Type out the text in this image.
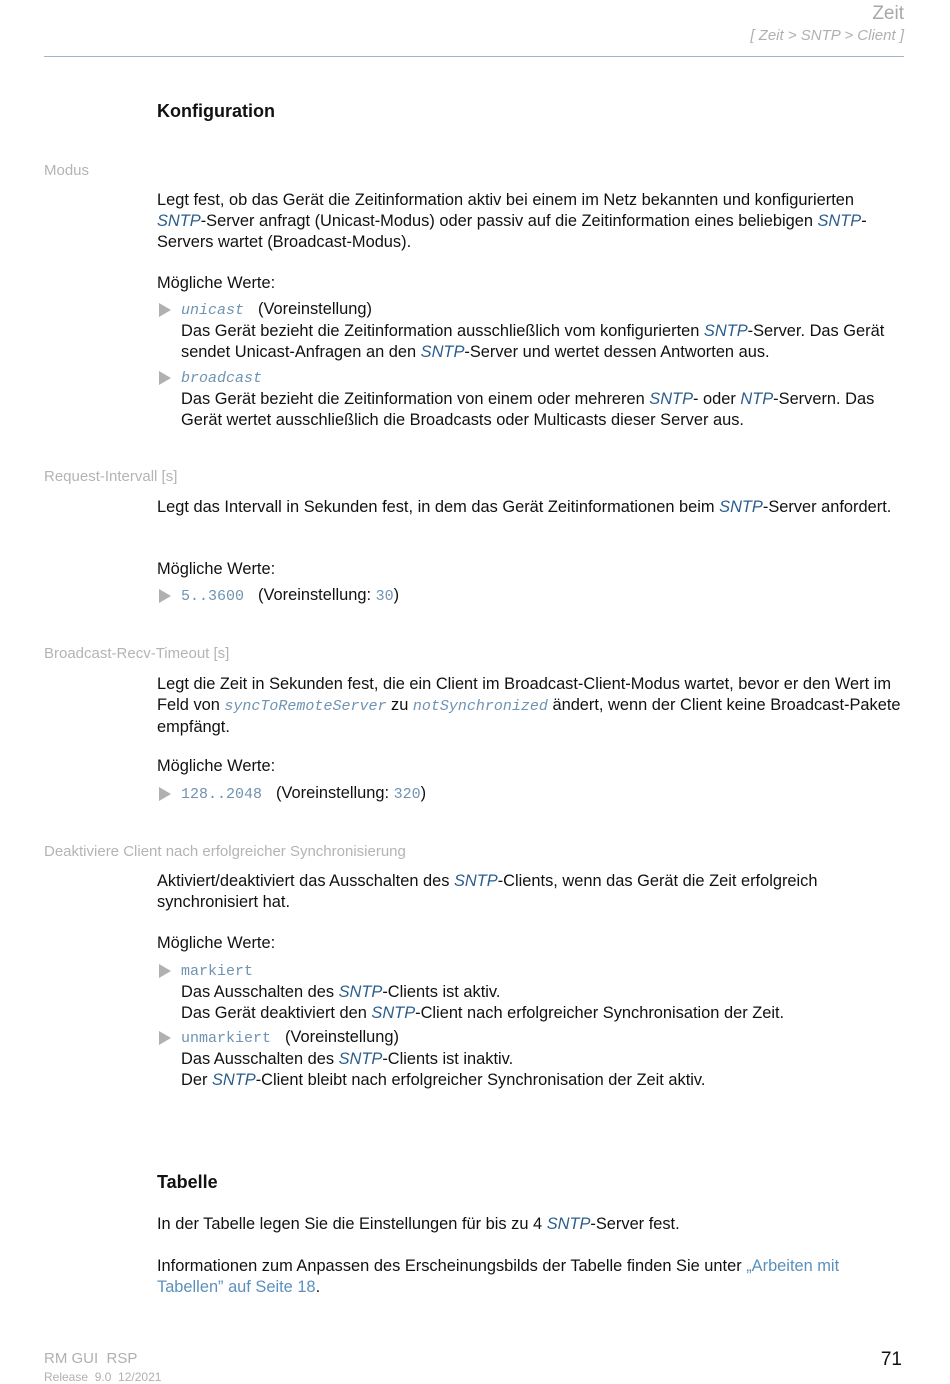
Zeit
[ Zeit > SNTP > Client ]
Konfiguration
Modus

Legt fest, ob das Gerät die Zeitinformation aktiv bei einem im Netz bekannten und konfigurierten SNTP-Server anfragt (Unicast-Modus) oder passiv auf die Zeitinformation eines beliebigen SNTP-Servers wartet (Broadcast-Modus).

Mögliche Werte:
unicast (Voreinstellung)
Das Gerät bezieht die Zeitinformation ausschließlich vom konfigurierten SNTP-Server. Das Gerät sendet Unicast-Anfragen an den SNTP-Server und wertet dessen Antworten aus.
broadcast
Das Gerät bezieht die Zeitinformation von einem oder mehreren SNTP- oder NTP-Servern. Das Gerät wertet ausschließlich die Broadcasts oder Multicasts dieser Server aus.
Request-Intervall [s]

Legt das Intervall in Sekunden fest, in dem das Gerät Zeitinformationen beim SNTP-Server anfordert.

Mögliche Werte:
5..3600 (Voreinstellung: 30)
Broadcast-Recv-Timeout [s]

Legt die Zeit in Sekunden fest, die ein Client im Broadcast-Client-Modus wartet, bevor er den Wert im Feld von syncToRemoteServer zu notSynchronized ändert, wenn der Client keine Broadcast-Pakete empfängt.

Mögliche Werte:
128..2048 (Voreinstellung: 320)
Deaktiviere Client nach erfolgreicher Synchronisierung

Aktiviert/deaktiviert das Ausschalten des SNTP-Clients, wenn das Gerät die Zeit erfolgreich synchronisiert hat.

Mögliche Werte:
markiert
Das Ausschalten des SNTP-Clients ist aktiv.
Das Gerät deaktiviert den SNTP-Client nach erfolgreicher Synchronisation der Zeit.
unmarkiert (Voreinstellung)
Das Ausschalten des SNTP-Clients ist inaktiv.
Der SNTP-Client bleibt nach erfolgreicher Synchronisation der Zeit aktiv.
Tabelle

In der Tabelle legen Sie die Einstellungen für bis zu 4 SNTP-Server fest.

Informationen zum Anpassen des Erscheinungsbilds der Tabelle finden Sie unter „Arbeiten mit Tabellen” auf Seite 18.

RM GUI  RSP
Release  9.0  12/2021
71
